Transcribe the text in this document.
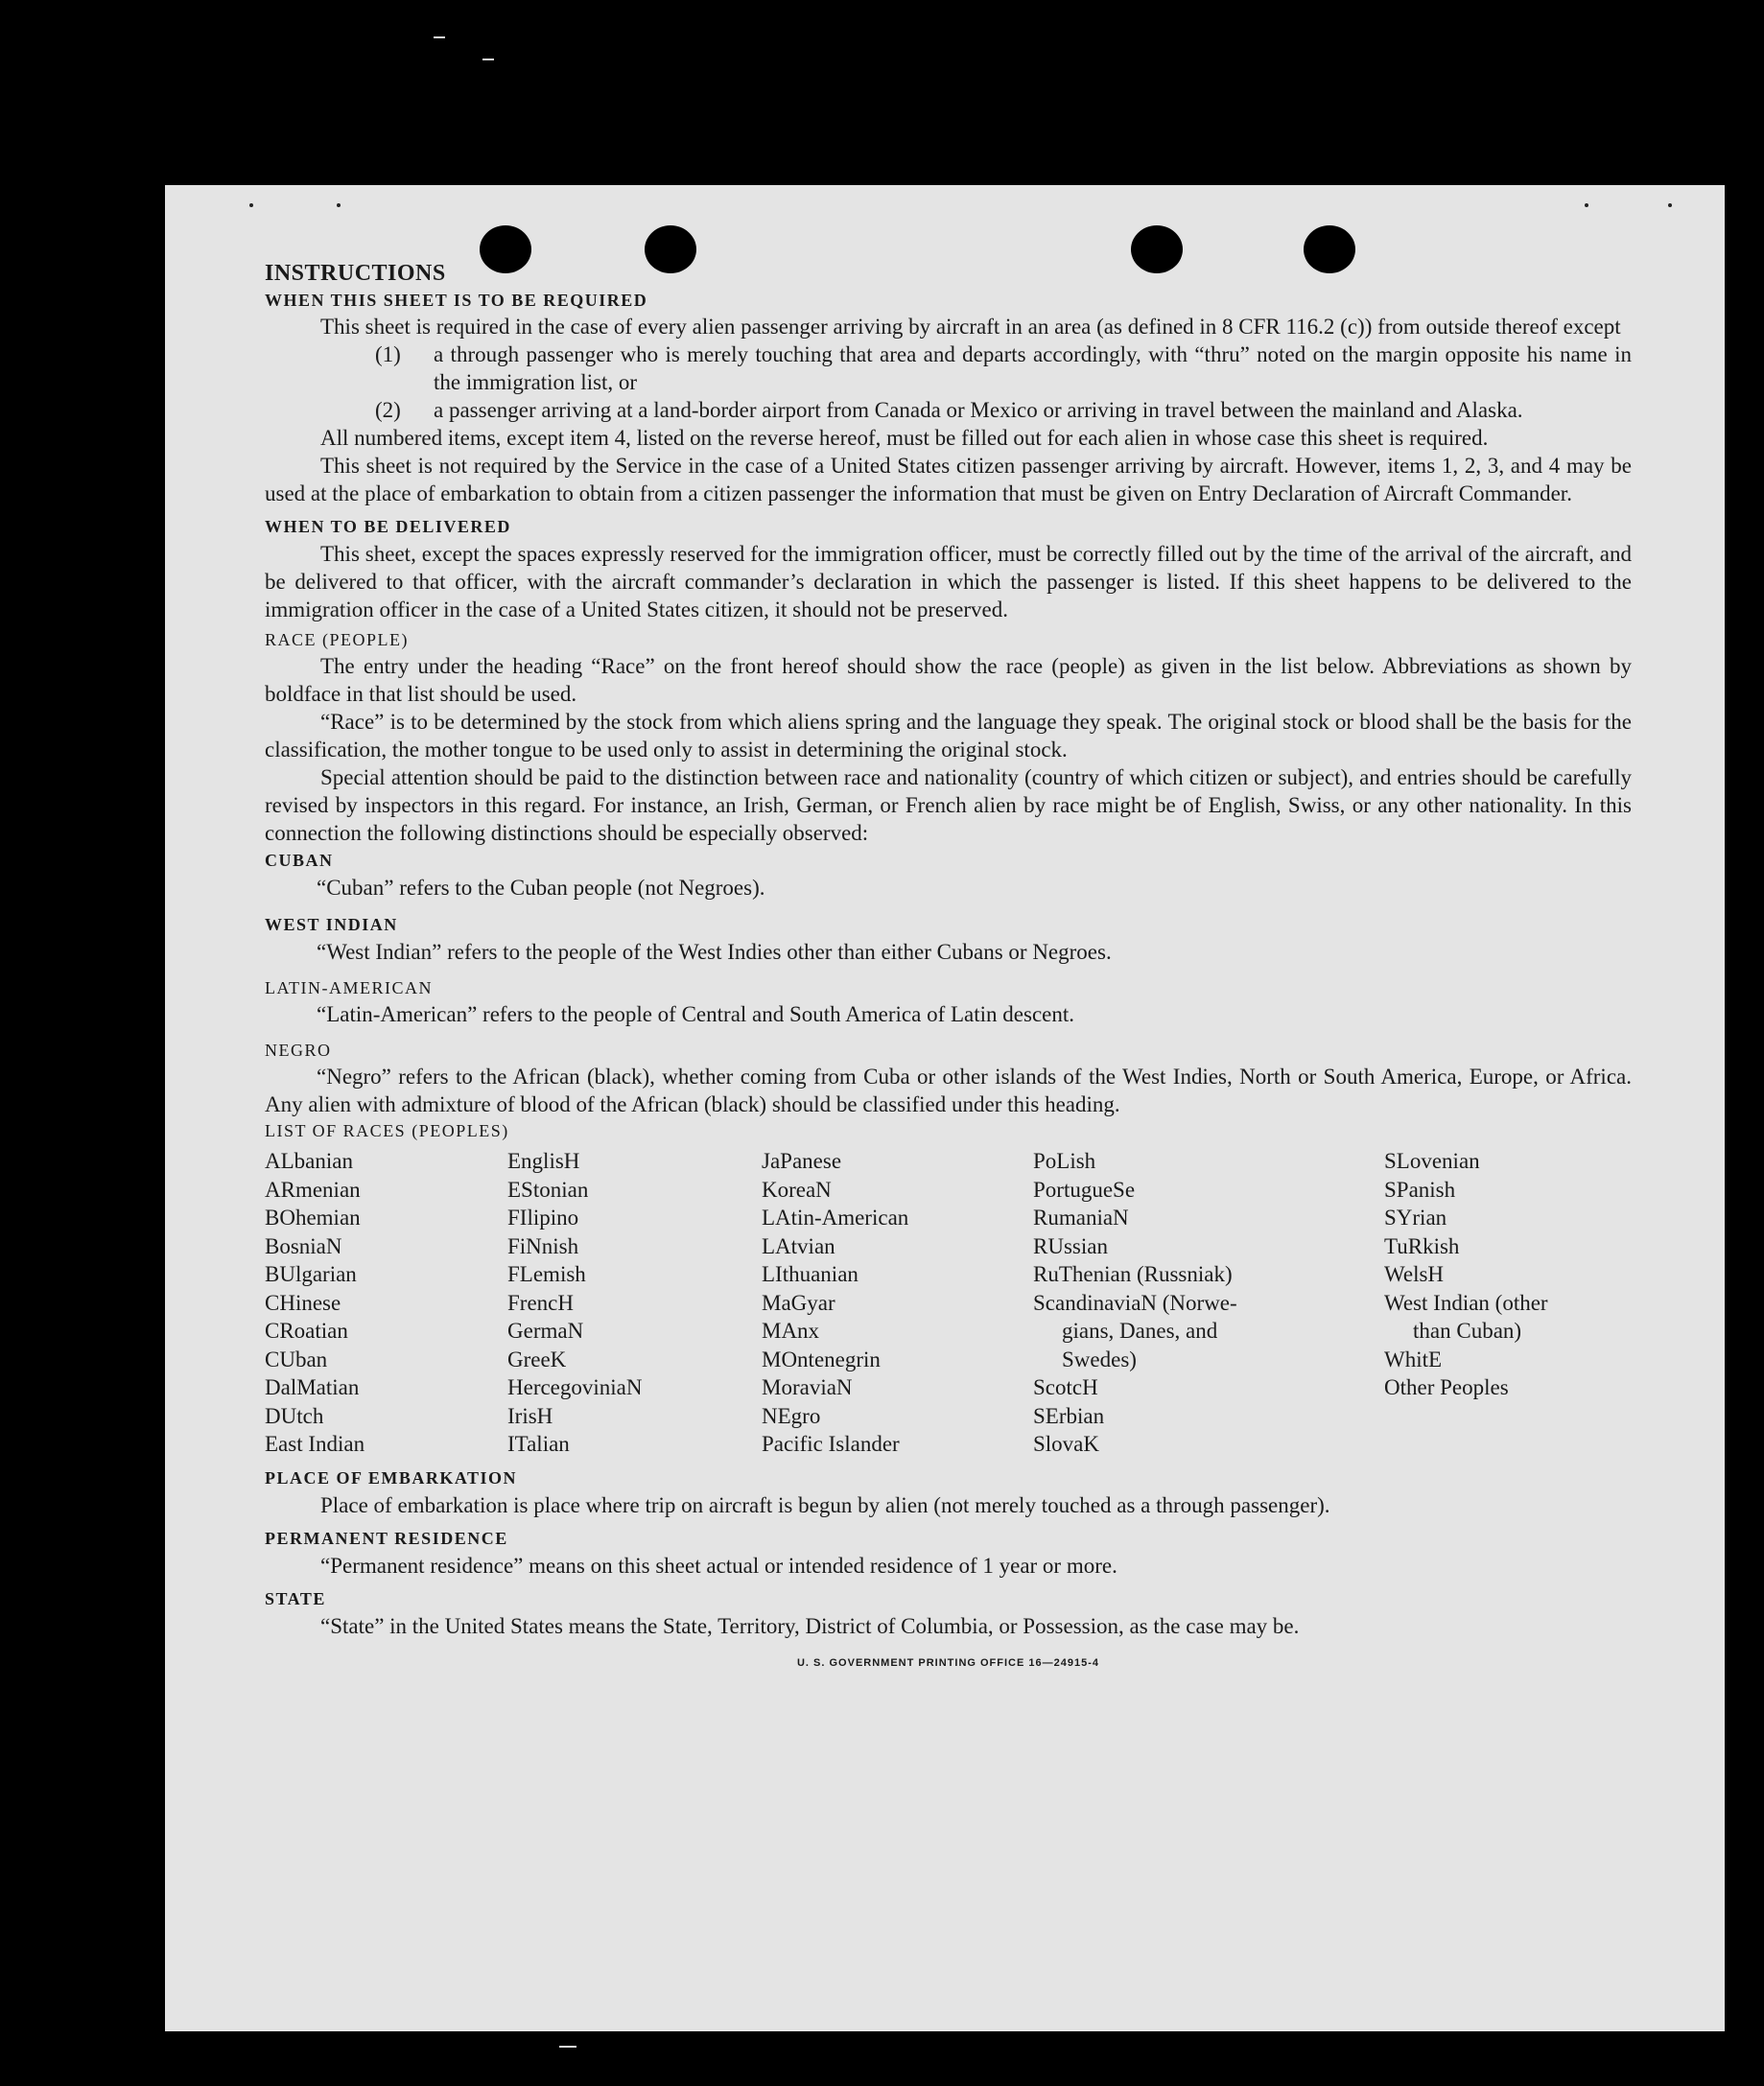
INSTRUCTIONS

WHEN THIS SHEET IS TO BE REQUIRED

This sheet is required in the case of every alien passenger arriving by aircraft in an area (as defined in 8 CFR 116.2 (c)) from outside thereof except

(1)	a through passenger who is merely touching that area and departs accordingly, with “thru” noted on the margin opposite his name in the immigration list, or
(2)	a passenger arriving at a land-border airport from Canada or Mexico or arriving in travel between the mainland and Alaska.

All numbered items, except item 4, listed on the reverse hereof, must be filled out for each alien in whose case this sheet is required.

This sheet is not required by the Service in the case of a United States citizen passenger arriving by aircraft. However, items 1, 2, 3, and 4 may be used at the place of embarkation to obtain from a citizen passenger the information that must be given on Entry Declaration of Aircraft Commander.

WHEN TO BE DELIVERED

This sheet, except the spaces expressly reserved for the immigration officer, must be correctly filled out by the time of the arrival of the aircraft, and be delivered to that officer, with the aircraft commander’s declaration in which the passenger is listed. If this sheet happens to be delivered to the immigration officer in the case of a United States citizen, it should not be preserved.

RACE (PEOPLE)

The entry under the heading “Race” on the front hereof should show the race (people) as given in the list below. Abbreviations as shown by boldface in that list should be used.

“Race” is to be determined by the stock from which aliens spring and the language they speak. The original stock or blood shall be the basis for the classification, the mother tongue to be used only to assist in determining the original stock.

Special attention should be paid to the distinction between race and nationality (country of which citizen or subject), and entries should be carefully revised by inspectors in this regard. For instance, an Irish, German, or French alien by race might be of English, Swiss, or any other nationality. In this connection the following distinctions should be especially observed:

CUBAN

“Cuban” refers to the Cuban people (not Negroes).

WEST INDIAN

“West Indian” refers to the people of the West Indies other than either Cubans or Negroes.

LATIN-AMERICAN

“Latin-American” refers to the people of Central and South America of Latin descent.

NEGRO

“Negro” refers to the African (black), whether coming from Cuba or other islands of the West Indies, North or South America, Europe, or Africa. Any alien with admixture of blood of the African (black) should be classified under this heading.

LIST OF RACES (PEOPLES)

ALbanian
ARmenian
BOhemian
BosniaN
BUlgarian
CHinese
CRoatian
CUban
DalMatian
DUtch
East Indian
EnglisH
EStonian
FIlipino
FiNnish
FLemish
FrencH
GermaN
GreeK
HercegoviniaN
IrisH
ITalian
JaPanese
KoreaN
LAtin-American
LAtvian
LIthuanian
MaGyar
MAnx
MOntenegrin
MoraviaN
NEgro
Pacific Islander
PoLish
PortugueSe
RumaniaN
RUssian
RuThenian (Russniak)
ScandinaviaN (Norwe-
gians, Danes, and
Swedes)
ScotcH
SErbian
SlovaK
SLovenian
SPanish
SYrian
TuRkish
WelsH
West Indian (other
than Cuban)
WhitE
Other Peoples

PLACE OF EMBARKATION

Place of embarkation is place where trip on aircraft is begun by alien (not merely touched as a through passenger).

PERMANENT RESIDENCE

“Permanent residence” means on this sheet actual or intended residence of 1 year or more.

STATE

“State” in the United States means the State, Territory, District of Columbia, or Possession, as the case may be.

U. S. GOVERNMENT PRINTING OFFICE 16—24915-4
